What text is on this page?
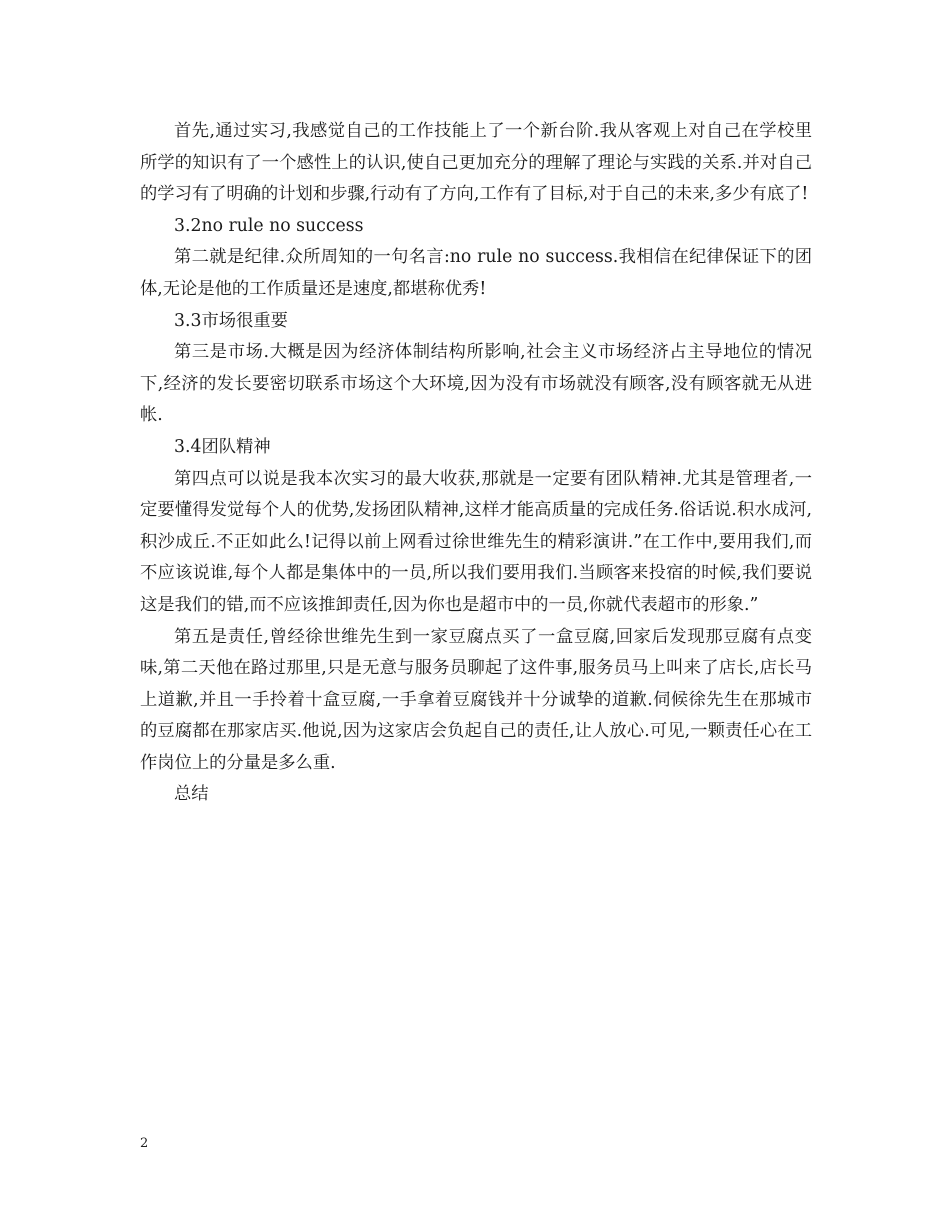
首先,通过实习,我感觉自己的工作技能上了一个新台阶.我从客观上对自己在学校里所学的知识有了一个感性上的认识,使自己更加充分的理解了理论与实践的关系.并对自己的学习有了明确的计划和步骤,行动有了方向,工作有了目标,对于自己的未来,多少有底了!

3.2no rule no success

第二就是纪律.众所周知的一句名言:no rule no success.我相信在纪律保证下的团体,无论是他的工作质量还是速度,都堪称优秀!

3.3市场很重要

第三是市场.大概是因为经济体制结构所影响,社会主义市场经济占主导地位的情况下,经济的发长要密切联系市场这个大环境,因为没有市场就没有顾客,没有顾客就无从进帐.

3.4团队精神

第四点可以说是我本次实习的最大收获,那就是一定要有团队精神.尤其是管理者,一定要懂得发觉每个人的优势,发扬团队精神,这样才能高质量的完成任务.俗话说.积水成河,积沙成丘.不正如此么!记得以前上网看过徐世维先生的精彩演讲.”在工作中,要用我们,而不应该说谁,每个人都是集体中的一员,所以我们要用我们.当顾客来投宿的时候,我们要说这是我们的错,而不应该推卸责任,因为你也是超市中的一员,你就代表超市的形象.”

第五是责任,曾经徐世维先生到一家豆腐点买了一盒豆腐,回家后发现那豆腐有点变味,第二天他在路过那里,只是无意与服务员聊起了这件事,服务员马上叫来了店长,店长马上道歉,并且一手拎着十盒豆腐,一手拿着豆腐钱并十分诚挚的道歉.伺候徐先生在那城市的豆腐都在那家店买.他说,因为这家店会负起自己的责任,让人放心.可见,一颗责任心在工作岗位上的分量是多么重.

总结

2
